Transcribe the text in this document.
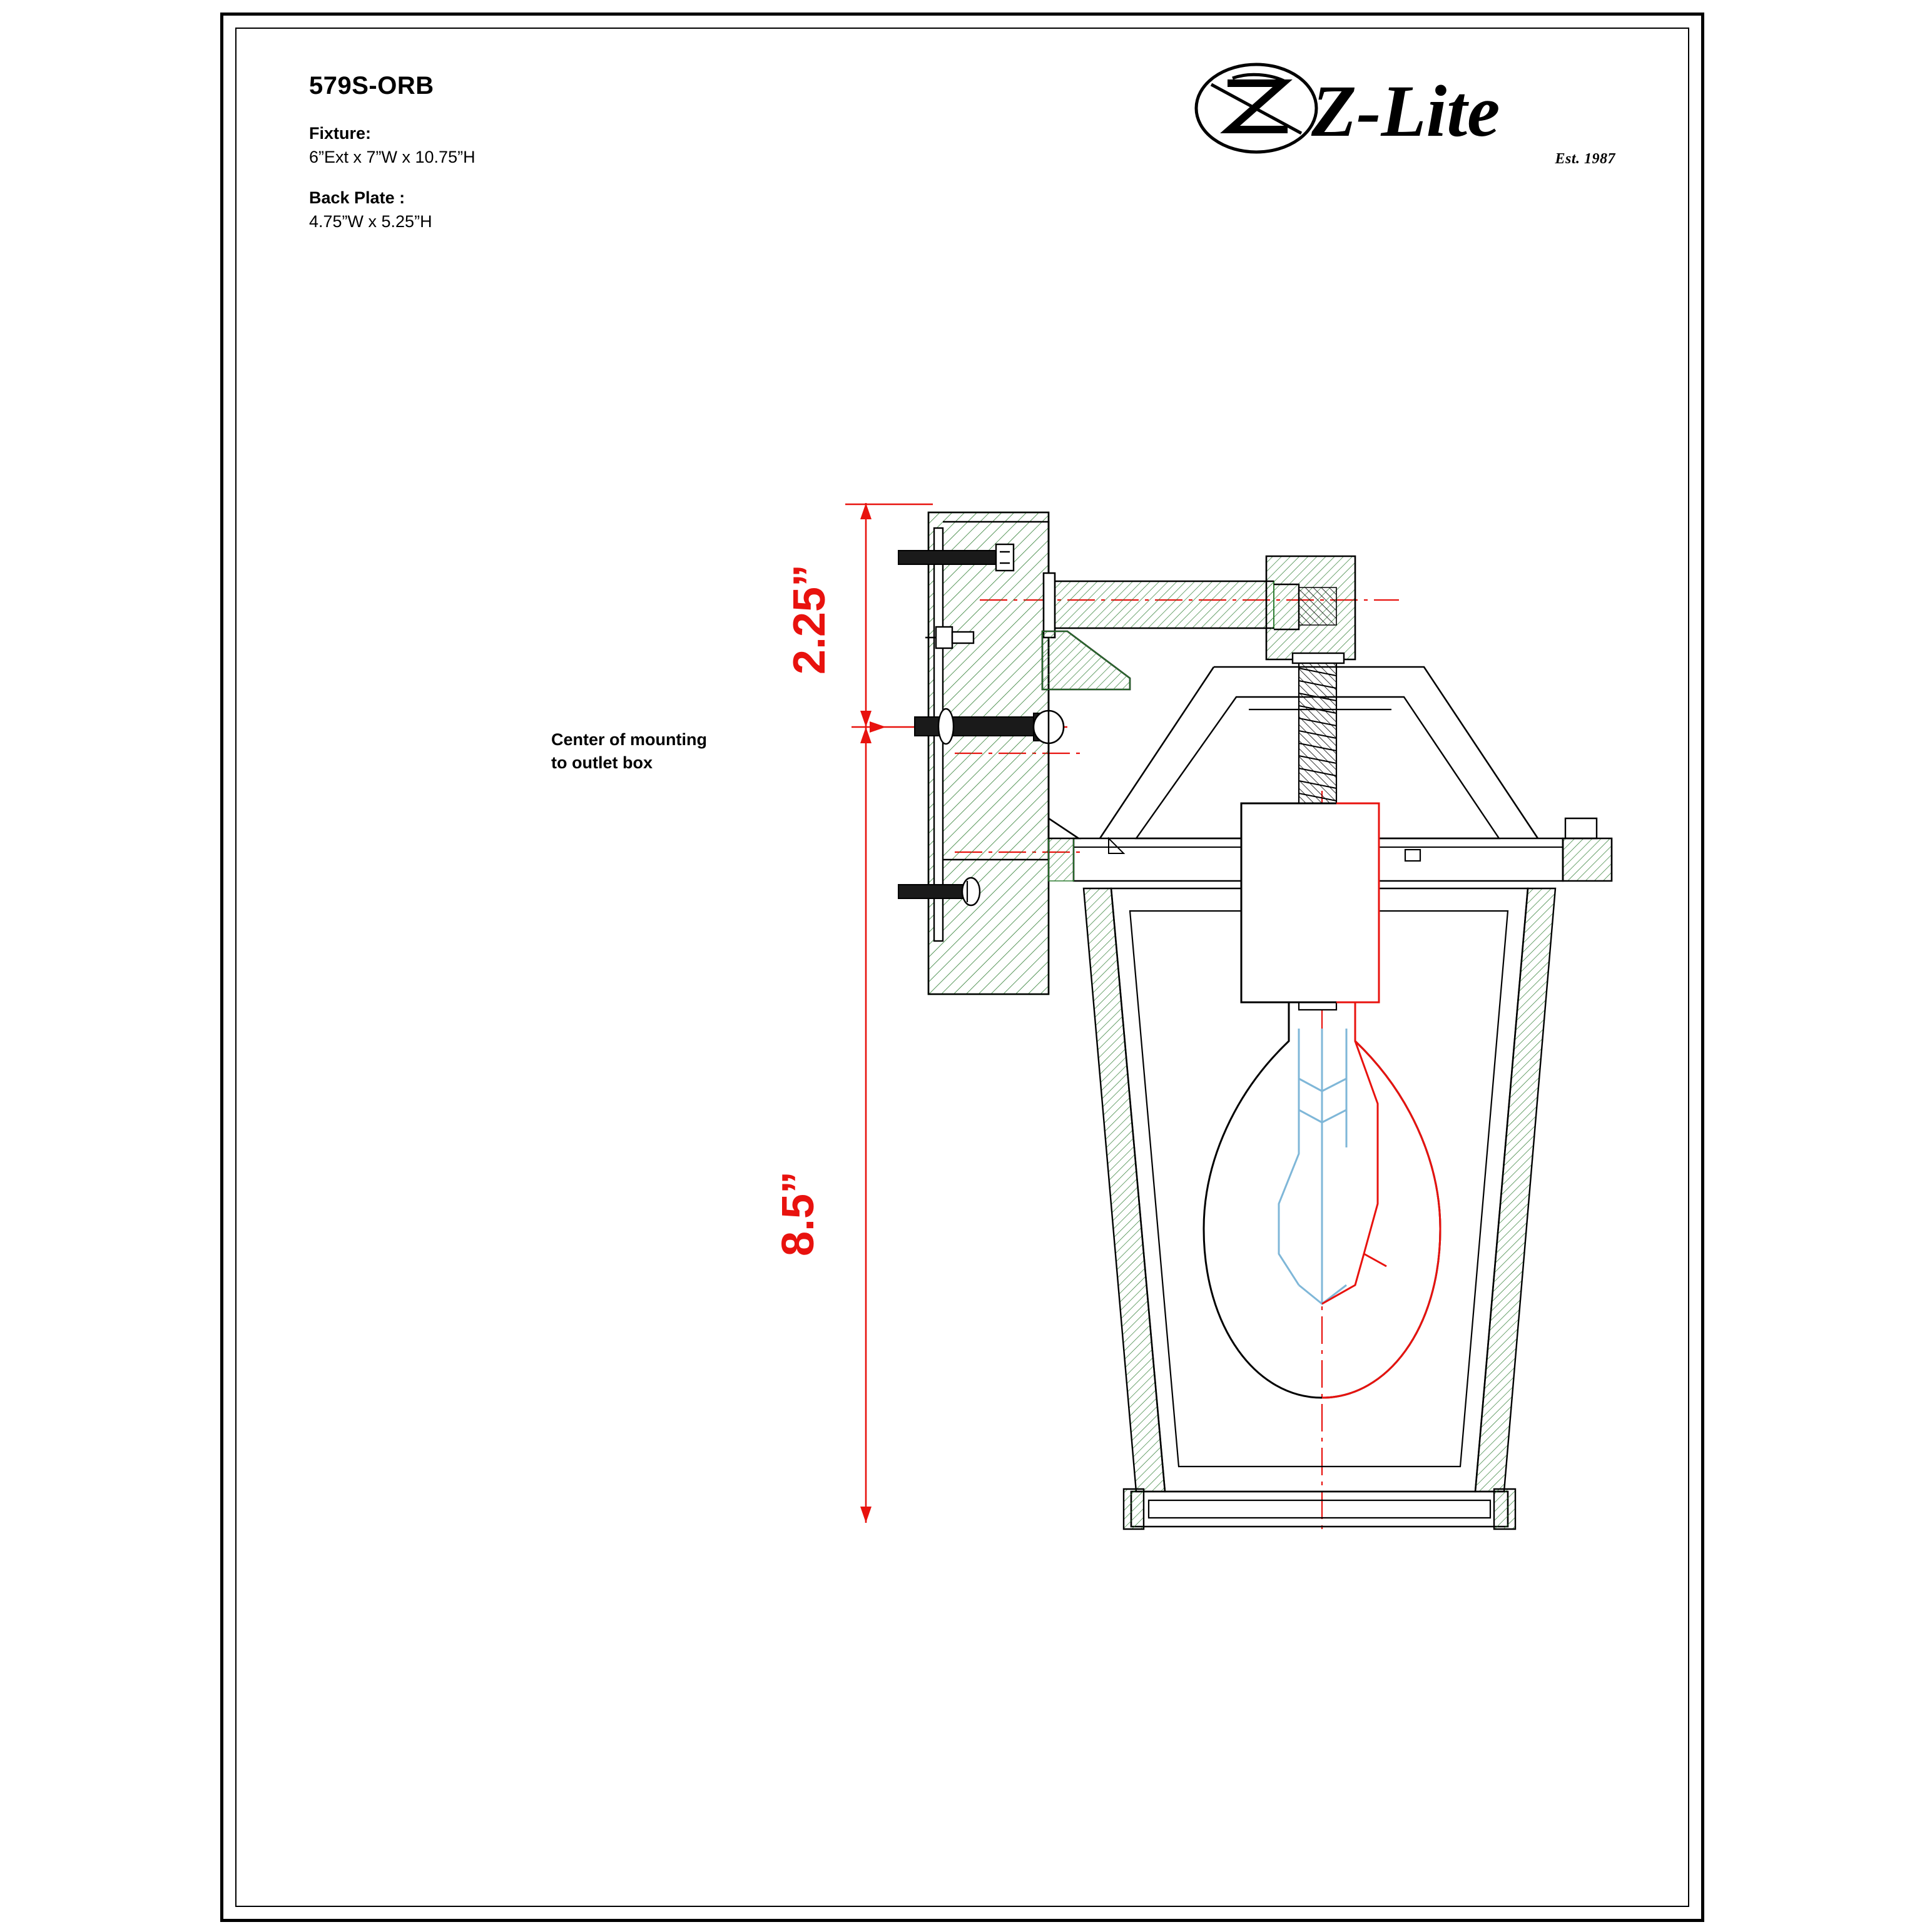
579S-ORB
Fixture:
6”Ext x 7”W x 10.75”H
Back Plate :
4.75”W x 5.25”H
Z-Lite
Est. 1987
2.25”
8.5”
Center of mounting
to outlet box
